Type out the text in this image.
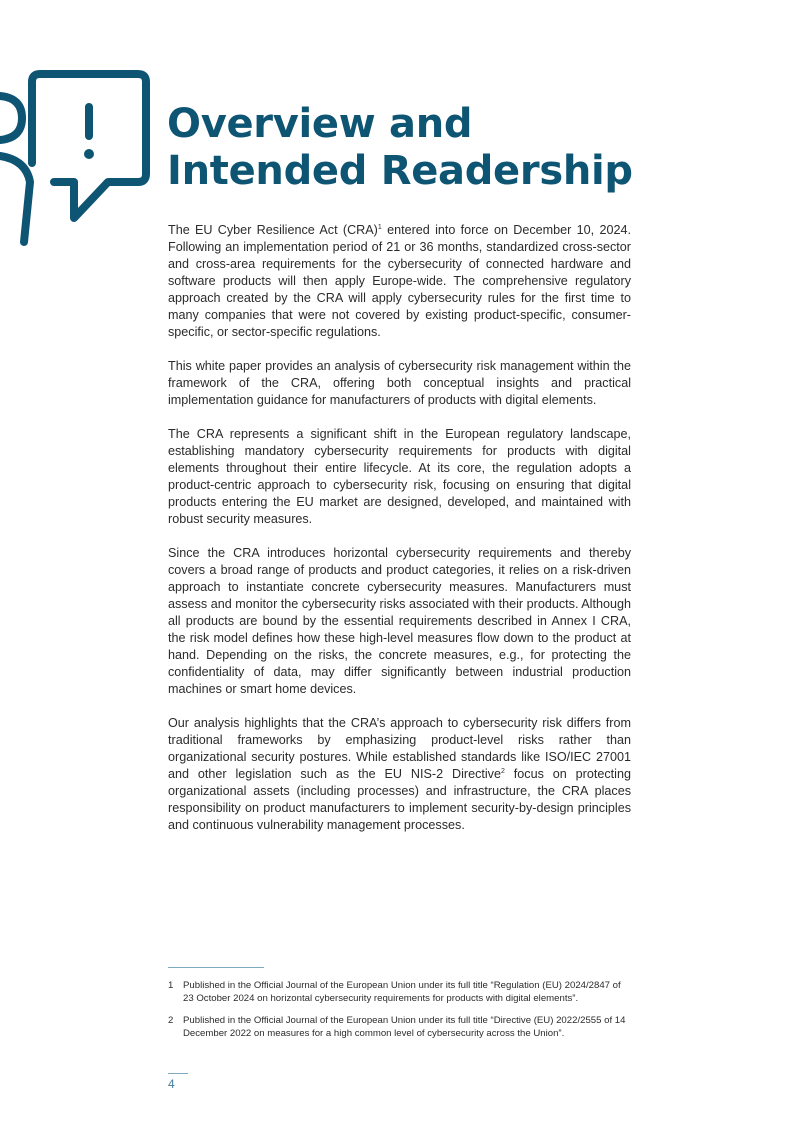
Overview and
Intended Readership

The EU Cyber Resilience Act (CRA)$^1$ entered into force on December 10, 2024. Following an implementation period of 21 or 36 months, standardized cross-sector and cross-area requirements for the cybersecurity of connected hardware and software products will then apply Europe-wide. The comprehensive regulatory approach created by the CRA will apply cybersecurity rules for the first time to many companies that were not covered by existing product-specific, consumer-specific, or sector-specific regulations.

This white paper provides an analysis of cybersecurity risk management within the framework of the CRA, offering both conceptual insights and practical implementation guidance for manufacturers of products with digital elements.

The CRA represents a significant shift in the European regulatory landscape, establishing mandatory cybersecurity requirements for products with digital elements throughout their entire lifecycle. At its core, the regulation adopts a product-centric approach to cybersecurity risk, focusing on ensuring that digital products entering the EU market are designed, developed, and maintained with robust security measures.

Since the CRA introduces horizontal cybersecurity requirements and thereby covers a broad range of products and product categories, it relies on a risk-driven approach to instantiate concrete cybersecurity measures. Manufacturers must assess and monitor the cybersecurity risks associated with their products. Although all products are bound by the essential requirements described in Annex I CRA, the risk model defines how these high-level measures flow down to the product at hand. Depending on the risks, the concrete measures, e.g., for protecting the confidentiality of data, may differ significantly between industrial production machines or smart home devices.

Our analysis highlights that the CRA’s approach to cybersecurity risk differs from traditional frameworks by emphasizing product-level risks rather than organizational security postures. While established standards like ISO/IEC 27001 and other legislation such as the EU NIS-2 Directive$^2$ focus on protecting organizational assets (including processes) and infrastructure, the CRA places responsibility on product manufacturers to implement security-by-design principles and continuous vulnerability management processes.

1	Published in the Official Journal of the European Union under its full title “Regulation (EU) 2024/2847 of 23 October 2024 on horizontal cybersecurity requirements for products with digital elements”.
2	Published in the Official Journal of the European Union under its full title “Directive (EU) 2022/2555 of 14 December 2022 on measures for a high common level of cybersecurity across the Union”.
4
